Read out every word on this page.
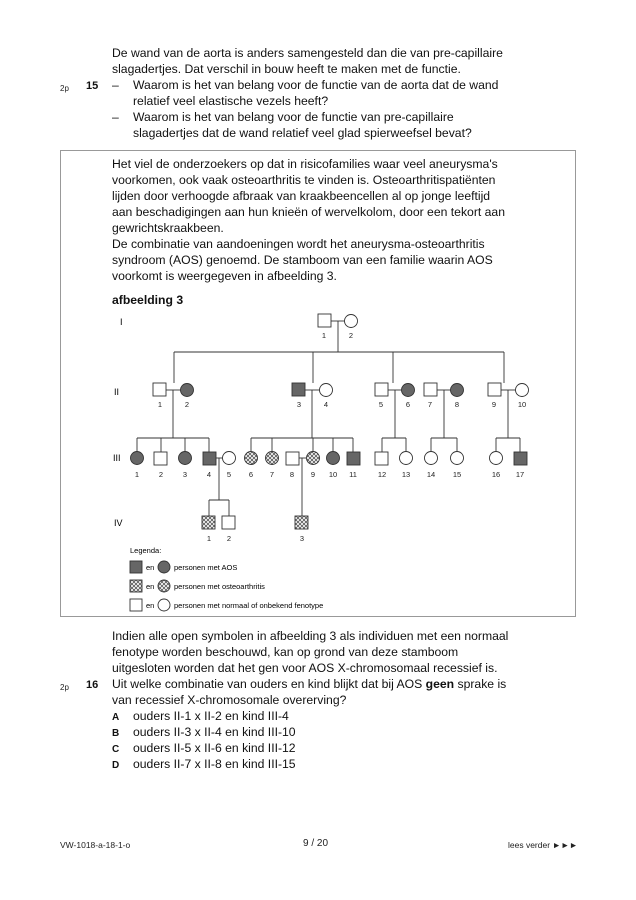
De wand van de aorta is anders samengesteld dan die van pre-capillaire
slagadertjes. Dat verschil in bouw heeft te maken met de functie.
2p 15 – Waarom is het van belang voor de functie van de aorta dat de wand
relatief veel elastische vezels heeft?
– Waarom is het van belang voor de functie van pre-capillaire
slagadertjes dat de wand relatief veel glad spierweefsel bevat?
Het viel de onderzoekers op dat in risicofamilies waar veel aneurysma's
voorkomen, ook vaak osteoarthritis te vinden is. Osteoarthritispatiënten
lijden door verhoogde afbraak van kraakbeencellen al op jonge leeftijd
aan beschadigingen aan hun knieën of wervelkolom, door een tekort aan
gewrichtskraakbeen.
De combinatie van aandoeningen wordt het aneurysma-osteoarthritis
syndroom (AOS) genoemd. De stamboom van een familie waarin AOS
voorkomt is weergegeven in afbeelding 3.
afbeelding 3
I
II
III
IV
1	2
1	2	3	4	5	6 7	8	9	10
1	2	3	4 5 6 7 8 9 10 11	12 13 14 15	16 17
1 2	3
Legenda:
en	personen met AOS
en	personen met osteoarthritis
en	personen met normaal of onbekend fenotype
Indien alle open symbolen in afbeelding 3 als individuen met een normaal
fenotype worden beschouwd, kan op grond van deze stamboom
uitgesloten worden dat het gen voor AOS X-chromosomaal recessief is.
2p 16 Uit welke combinatie van ouders en kind blijkt dat bij AOS geen sprake is
van recessief X-chromosomale overerving?
A ouders II-1 x II-2 en kind III-4
B ouders II-3 x II-4 en kind III-10
C ouders II-5 x II-6 en kind III-12
D ouders II-7 x II-8 en kind III-15
VW-1018-a-18-1-o	9 / 20	lees verder ►►►
